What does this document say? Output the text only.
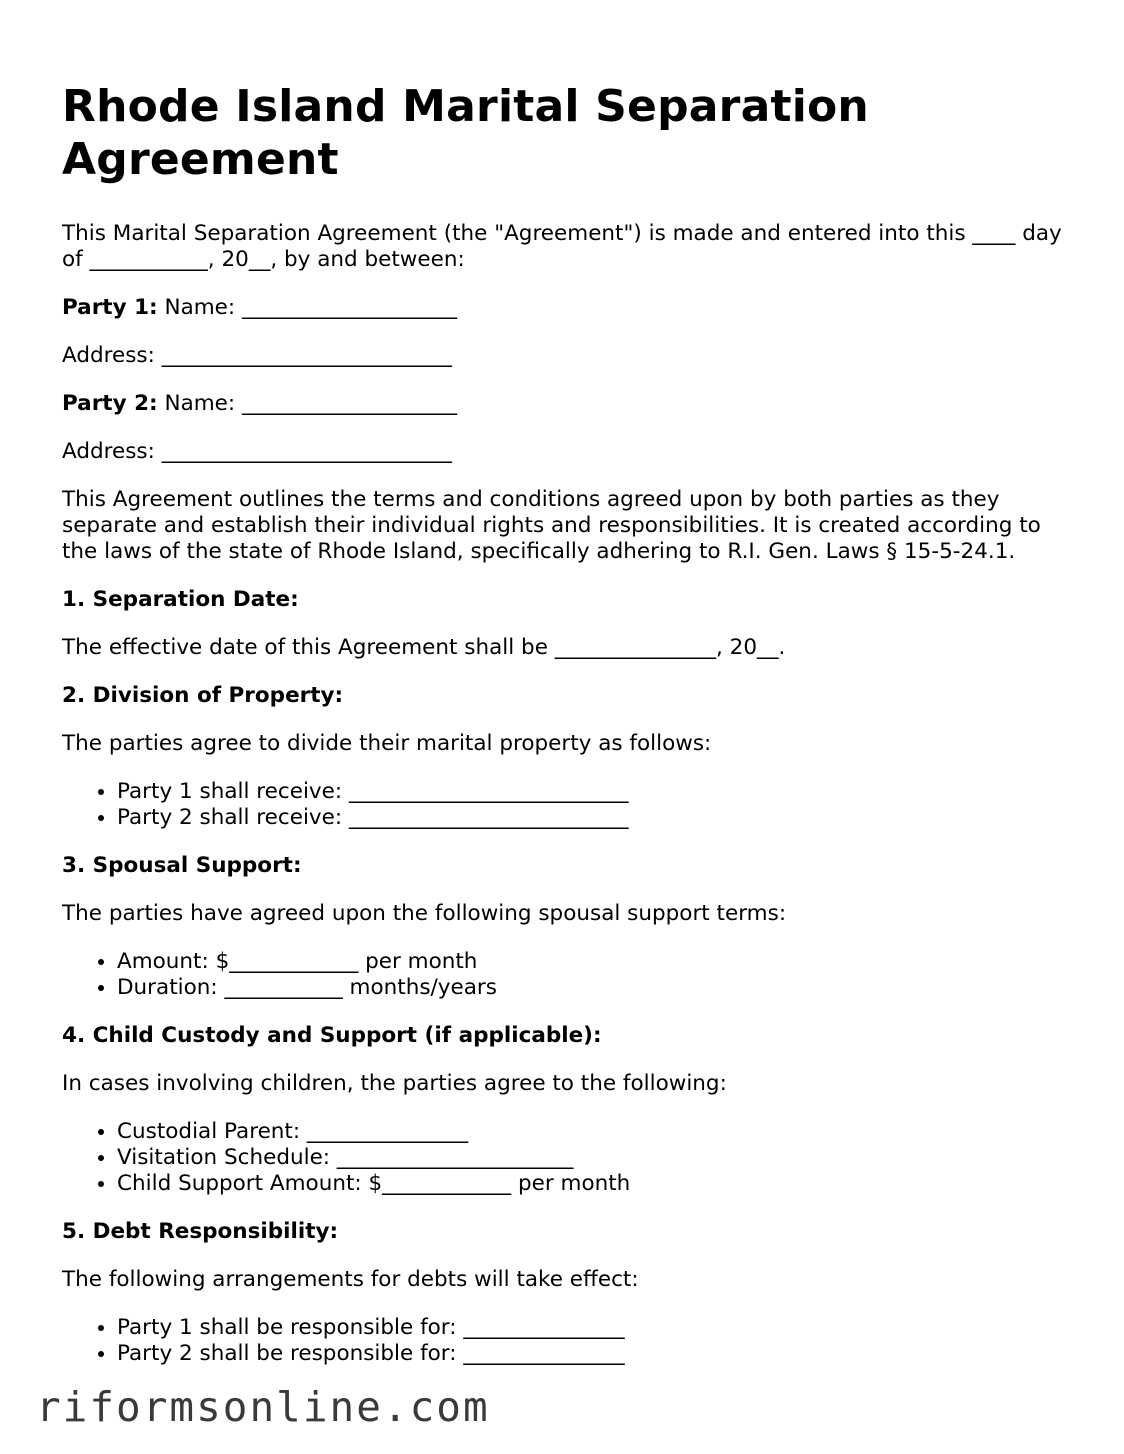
Rhode Island Marital Separation Agreement

This Marital Separation Agreement (the "Agreement") is made and entered into this ____ day of ___________, 20__, by and between:

Party 1: Name: ____________________

Address: ___________________________

Party 2: Name: ____________________

Address: ___________________________

This Agreement outlines the terms and conditions agreed upon by both parties as they separate and establish their individual rights and responsibilities. It is created according to the laws of the state of Rhode Island, specifically adhering to R.I. Gen. Laws § 15-5-24.1.

1. Separation Date:

The effective date of this Agreement shall be _______________, 20__.

2. Division of Property:

The parties agree to divide their marital property as follows:

• Party 1 shall receive: __________________________
• Party 2 shall receive: __________________________

3. Spousal Support:

The parties have agreed upon the following spousal support terms:

• Amount: $____________ per month
• Duration: ___________ months/years

4. Child Custody and Support (if applicable):

In cases involving children, the parties agree to the following:

• Custodial Parent: _______________
• Visitation Schedule: ______________________
• Child Support Amount: $____________ per month

5. Debt Responsibility:

The following arrangements for debts will take effect:

• Party 1 shall be responsible for: _______________
• Party 2 shall be responsible for: _______________
riformsonline.com
